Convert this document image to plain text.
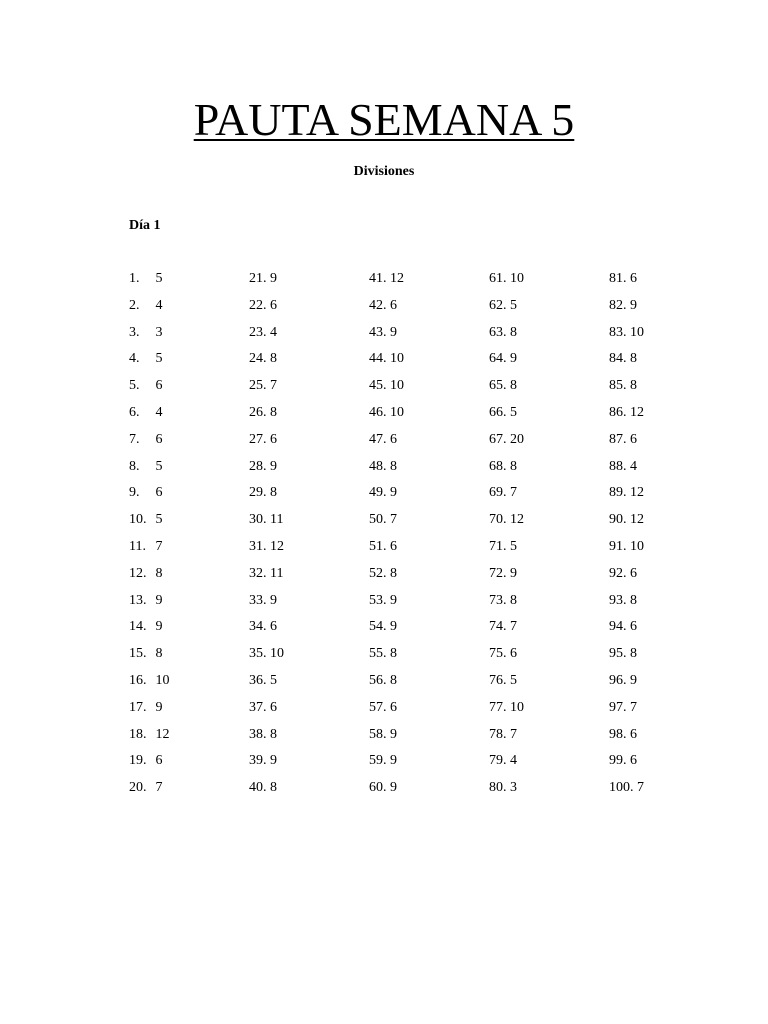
PAUTA SEMANA 5
Divisiones
Día 1
1. 5
2. 4
3. 3
4. 5
5. 6
6. 4
7. 6
8. 5
9. 6
10. 5
11. 7
12. 8
13. 9
14. 9
15. 8
16. 10
17. 9
18. 12
19. 6
20. 7
21. 9
22. 6
23. 4
24. 8
25. 7
26. 8
27. 6
28. 9
29. 8
30. 11
31. 12
32. 11
33. 9
34. 6
35. 10
36. 5
37. 6
38. 8
39. 9
40. 8
41. 12
42. 6
43. 9
44. 10
45. 10
46. 10
47. 6
48. 8
49. 9
50. 7
51. 6
52. 8
53. 9
54. 9
55. 8
56. 8
57. 6
58. 9
59. 9
60. 9
61. 10
62. 5
63. 8
64. 9
65. 8
66. 5
67. 20
68. 8
69. 7
70. 12
71. 5
72. 9
73. 8
74. 7
75. 6
76. 5
77. 10
78. 7
79. 4
80. 3
81. 6
82. 9
83. 10
84. 8
85. 8
86. 12
87. 6
88. 4
89. 12
90. 12
91. 10
92. 6
93. 8
94. 6
95. 8
96. 9
97. 7
98. 6
99. 6
100. 7
